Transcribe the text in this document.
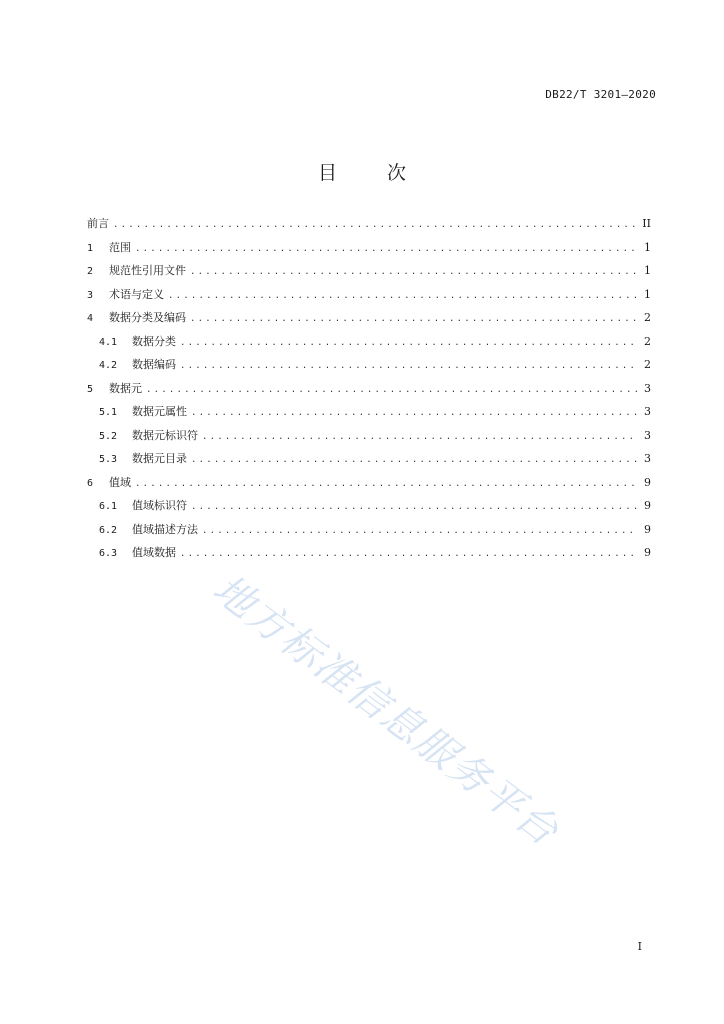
DB22/T 3201—2020
目 次
前言 .....	II
1	范围 .....	1
2	规范性引用文件 .....	1
3	术语与定义 .....	1
4	数据分类及编码 .....	2
4.1	数据分类 .....	2
4.2	数据编码 .....	2
5	数据元 .....	3
5.1	数据元属性 .....	3
5.2	数据元标识符 .....	3
5.3	数据元目录 .....	3
6	值域 .....	9
6.1	值域标识符 .....	9
6.2	值域描述方法 .....	9
6.3	值域数据 .....	9
地方标准信息服务平台
I
